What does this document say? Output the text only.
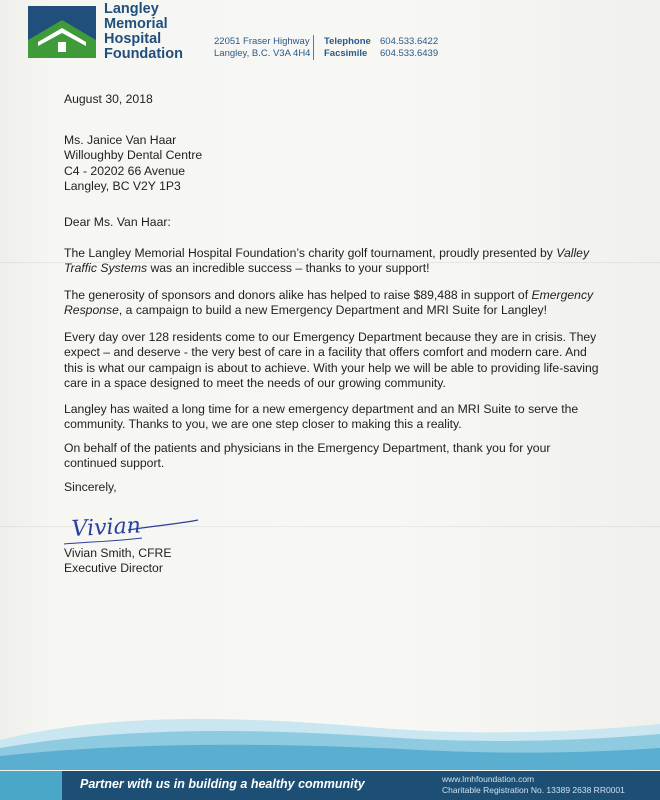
Langley
Memorial
Hospital
Foundation
22051 Fraser Highway
Langley, B.C. V3A 4H4
Telephone 604.533.6422
Facsimile 604.533.6439
August 30, 2018
Ms. Janice Van Haar
Willoughby Dental Centre
C4 - 20202 66 Avenue
Langley, BC V2Y 1P3
Dear Ms. Van Haar:
The Langley Memorial Hospital Foundation’s charity golf tournament, proudly presented by Valley Traffic Systems was an incredible success – thanks to your support!
The generosity of sponsors and donors alike has helped to raise $89,488 in support of Emergency Response, a campaign to build a new Emergency Department and MRI Suite for Langley!
Every day over 128 residents come to our Emergency Department because they are in crisis. They expect – and deserve - the very best of care in a facility that offers comfort and modern care. And this is what our campaign is about to achieve. With your help we will be able to providing life-saving care in a space designed to meet the needs of our growing community.
Langley has waited a long time for a new emergency department and an MRI Suite to serve the community. Thanks to you, we are one step closer to making this a reality.
On behalf of the patients and physicians in the Emergency Department, thank you for your continued support.
Sincerely,
Vivian
Vivian Smith, CFRE
Executive Director
Partner with us in building a healthy community	www.lmhfoundation.com
Charitable Registration No. 13389 2638 RR0001
